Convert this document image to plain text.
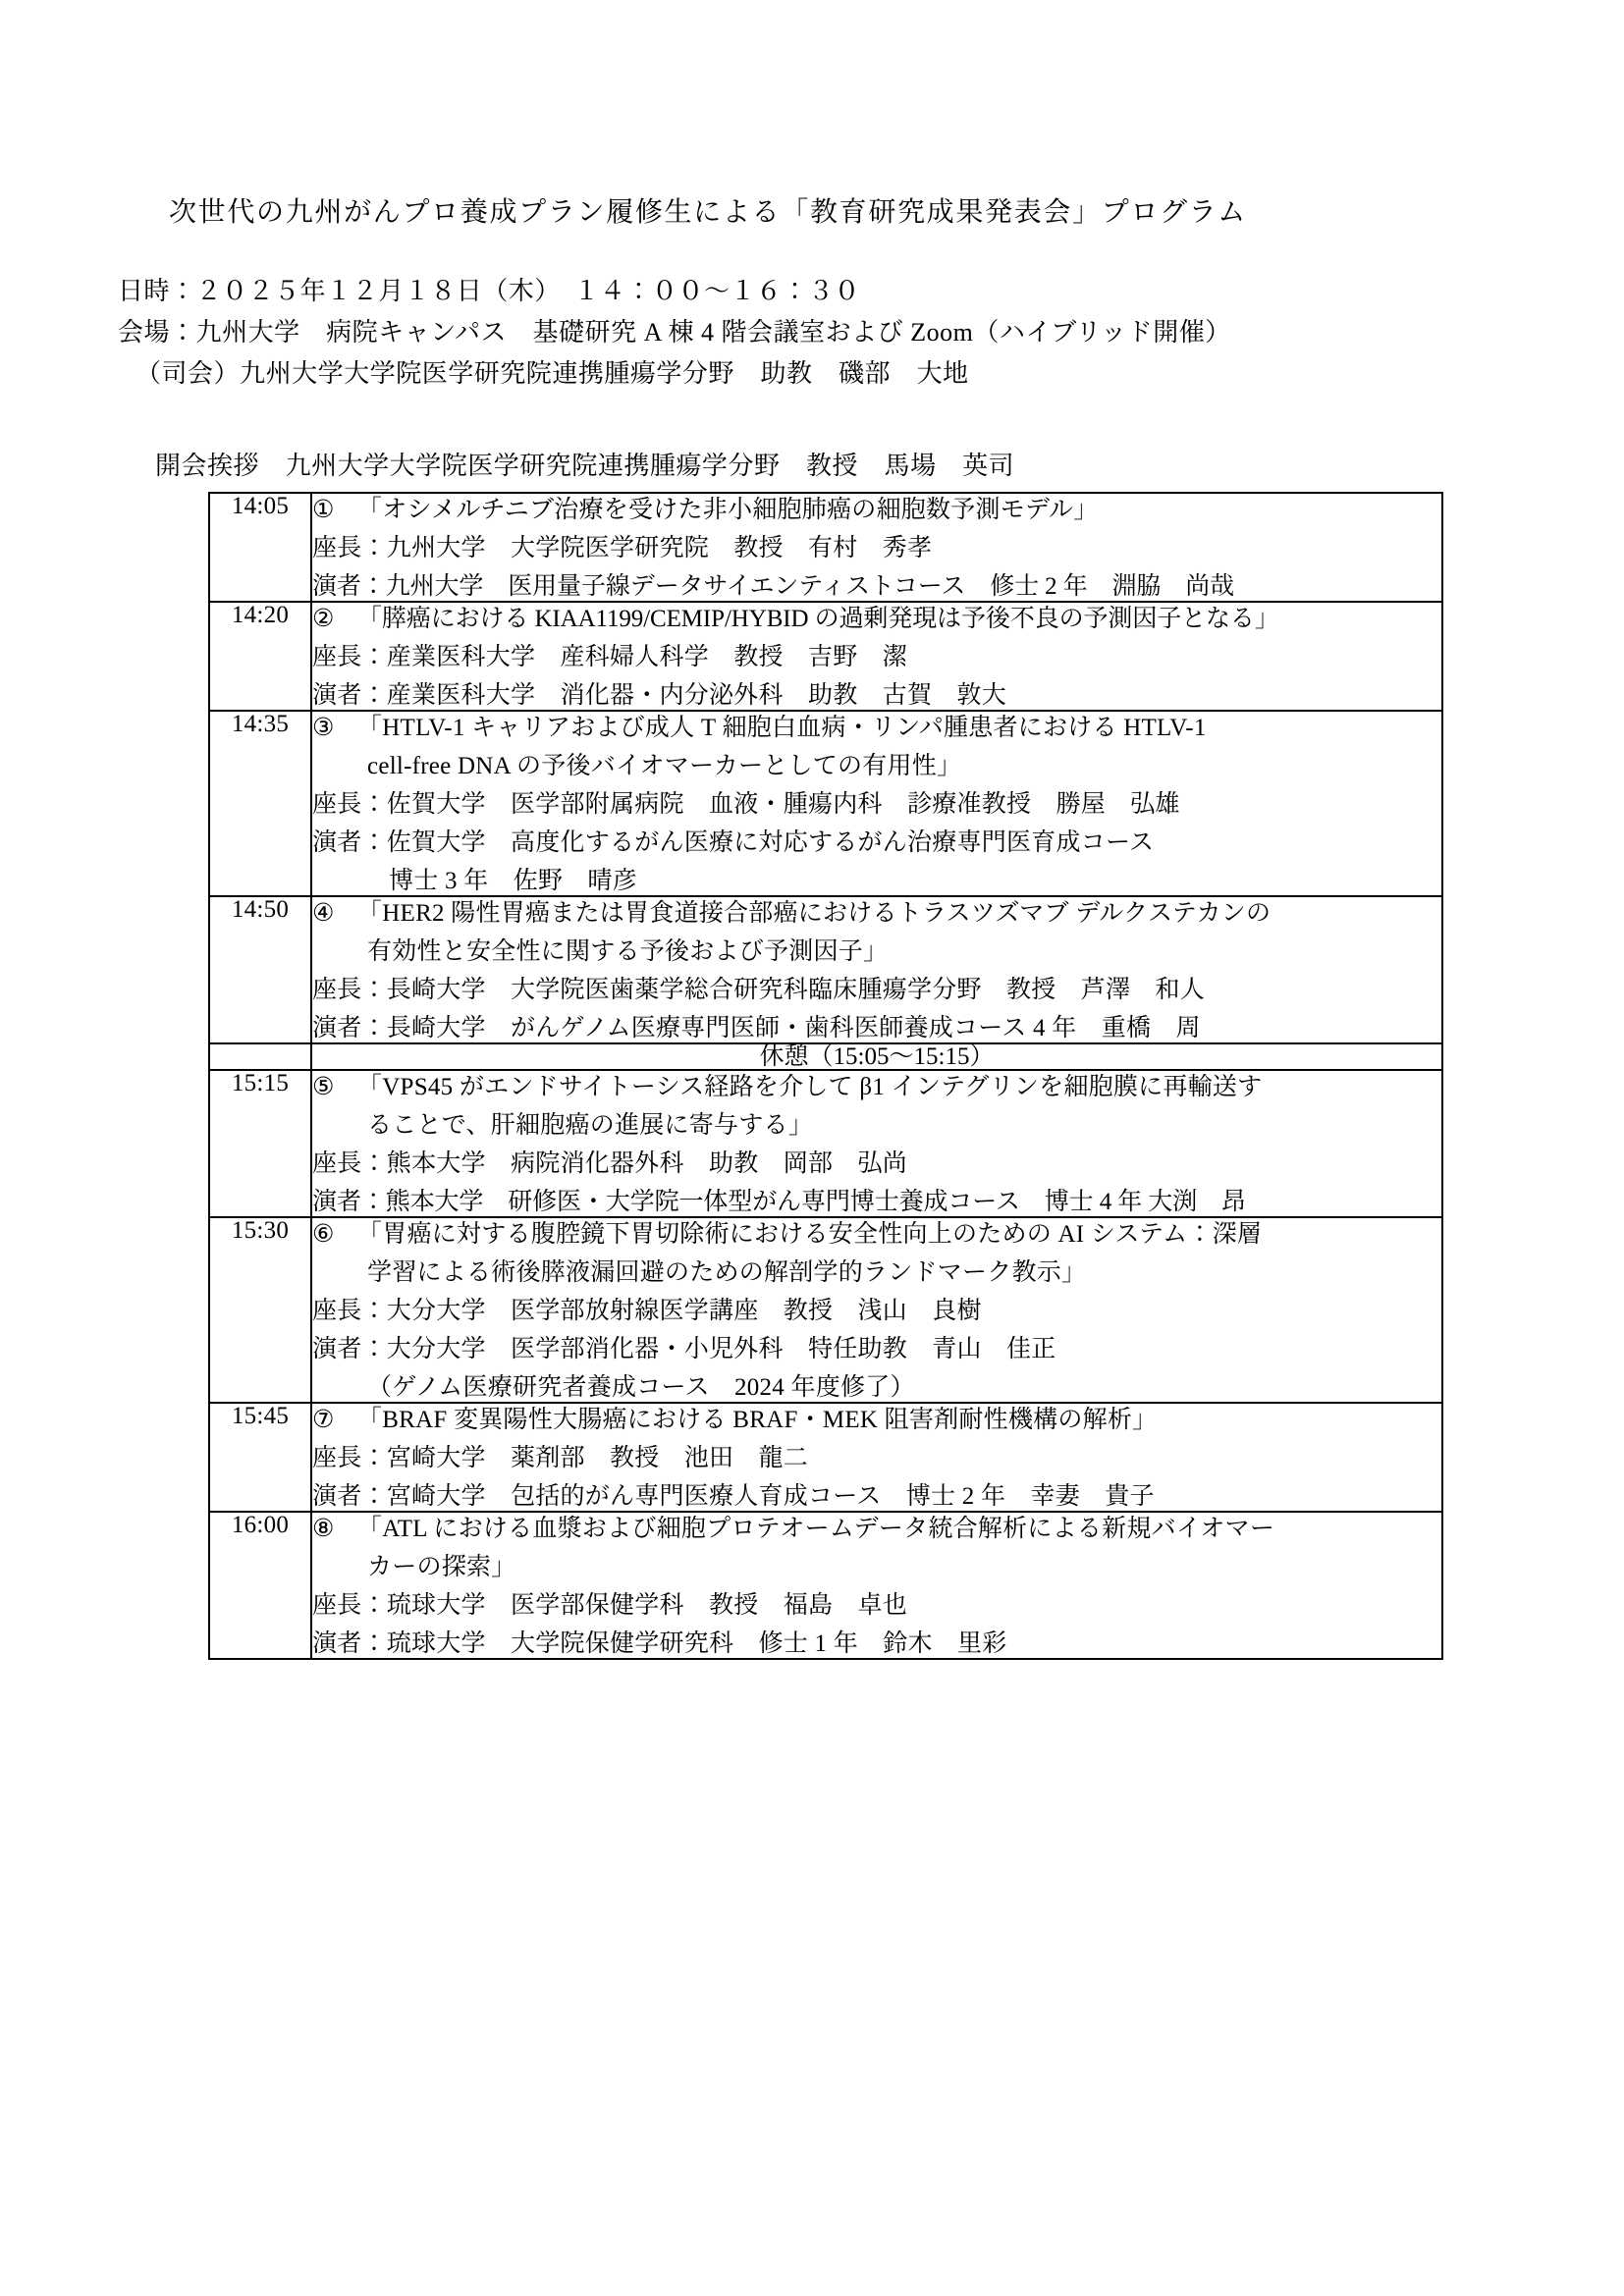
次世代の九州がんプロ養成プラン履修生による「教育研究成果発表会」プログラム
日時：２０２５年１２月１８日（木）　１４：００～１６：３０
会場：九州大学　病院キャンパス　基礎研究 A 棟 4 階会議室および Zoom（ハイブリッド開催）
（司会）九州大学大学院医学研究院連携腫瘍学分野　助教　磯部　大地
開会挨拶　九州大学大学院医学研究院連携腫瘍学分野　教授　馬場　英司
14:05	① 「オシメルチニブ治療を受けた非小細胞肺癌の細胞数予測モデル」
座長：九州大学　大学院医学研究院　教授　有村　秀孝
演者：九州大学　医用量子線データサイエンティストコース　修士 2 年　淵脇　尚哉

14:20	② 「膵癌における KIAA1199/CEMIP/HYBID の過剰発現は予後不良の予測因子となる」
座長：産業医科大学　産科婦人科学　教授　吉野　潔
演者：産業医科大学　消化器・内分泌外科　助教　古賀　敦大

14:35	③ 「HTLV-1 キャリアおよび成人 T 細胞白血病・リンパ腫患者における HTLV-1
cell-free DNA の予後バイオマーカーとしての有用性」
座長：佐賀大学　医学部附属病院　血液・腫瘍内科　診療准教授　勝屋　弘雄
演者：佐賀大学　高度化するがん医療に対応するがん治療専門医育成コース
博士 3 年　佐野　晴彦

14:50	④ 「HER2 陽性胃癌または胃食道接合部癌におけるトラスツズマブ デルクステカンの
有効性と安全性に関する予後および予測因子」
座長：長崎大学　大学院医歯薬学総合研究科臨床腫瘍学分野　教授　芦澤　和人
演者：長崎大学　がんゲノム医療専門医師・歯科医師養成コース 4 年　重橋　周

	休憩（15:05～15:15）
15:15	⑤ 「VPS45 がエンドサイトーシス経路を介して β1 インテグリンを細胞膜に再輸送す
ることで、肝細胞癌の進展に寄与する」
座長：熊本大学　病院消化器外科　助教　岡部　弘尚
演者：熊本大学　研修医・大学院一体型がん専門博士養成コース　博士 4 年 大渕　昂

15:30	⑥ 「胃癌に対する腹腔鏡下胃切除術における安全性向上のための AI システム：深層
学習による術後膵液漏回避のための解剖学的ランドマーク教示」
座長：大分大学　医学部放射線医学講座　教授　浅山　良樹
演者：大分大学　医学部消化器・小児外科　特任助教　青山　佳正
（ゲノム医療研究者養成コース　2024 年度修了）

15:45	⑦ 「BRAF 変異陽性大腸癌における BRAF・MEK 阻害剤耐性機構の解析」
座長：宮崎大学　薬剤部　教授　池田　龍二
演者：宮崎大学　包括的がん専門医療人育成コース　博士 2 年　幸妻　貴子

16:00	⑧ 「ATL における血漿および細胞プロテオームデータ統合解析による新規バイオマー
カーの探索」
座長：琉球大学　医学部保健学科　教授　福島　卓也
演者：琉球大学　大学院保健学研究科　修士 1 年　鈴木　里彩
